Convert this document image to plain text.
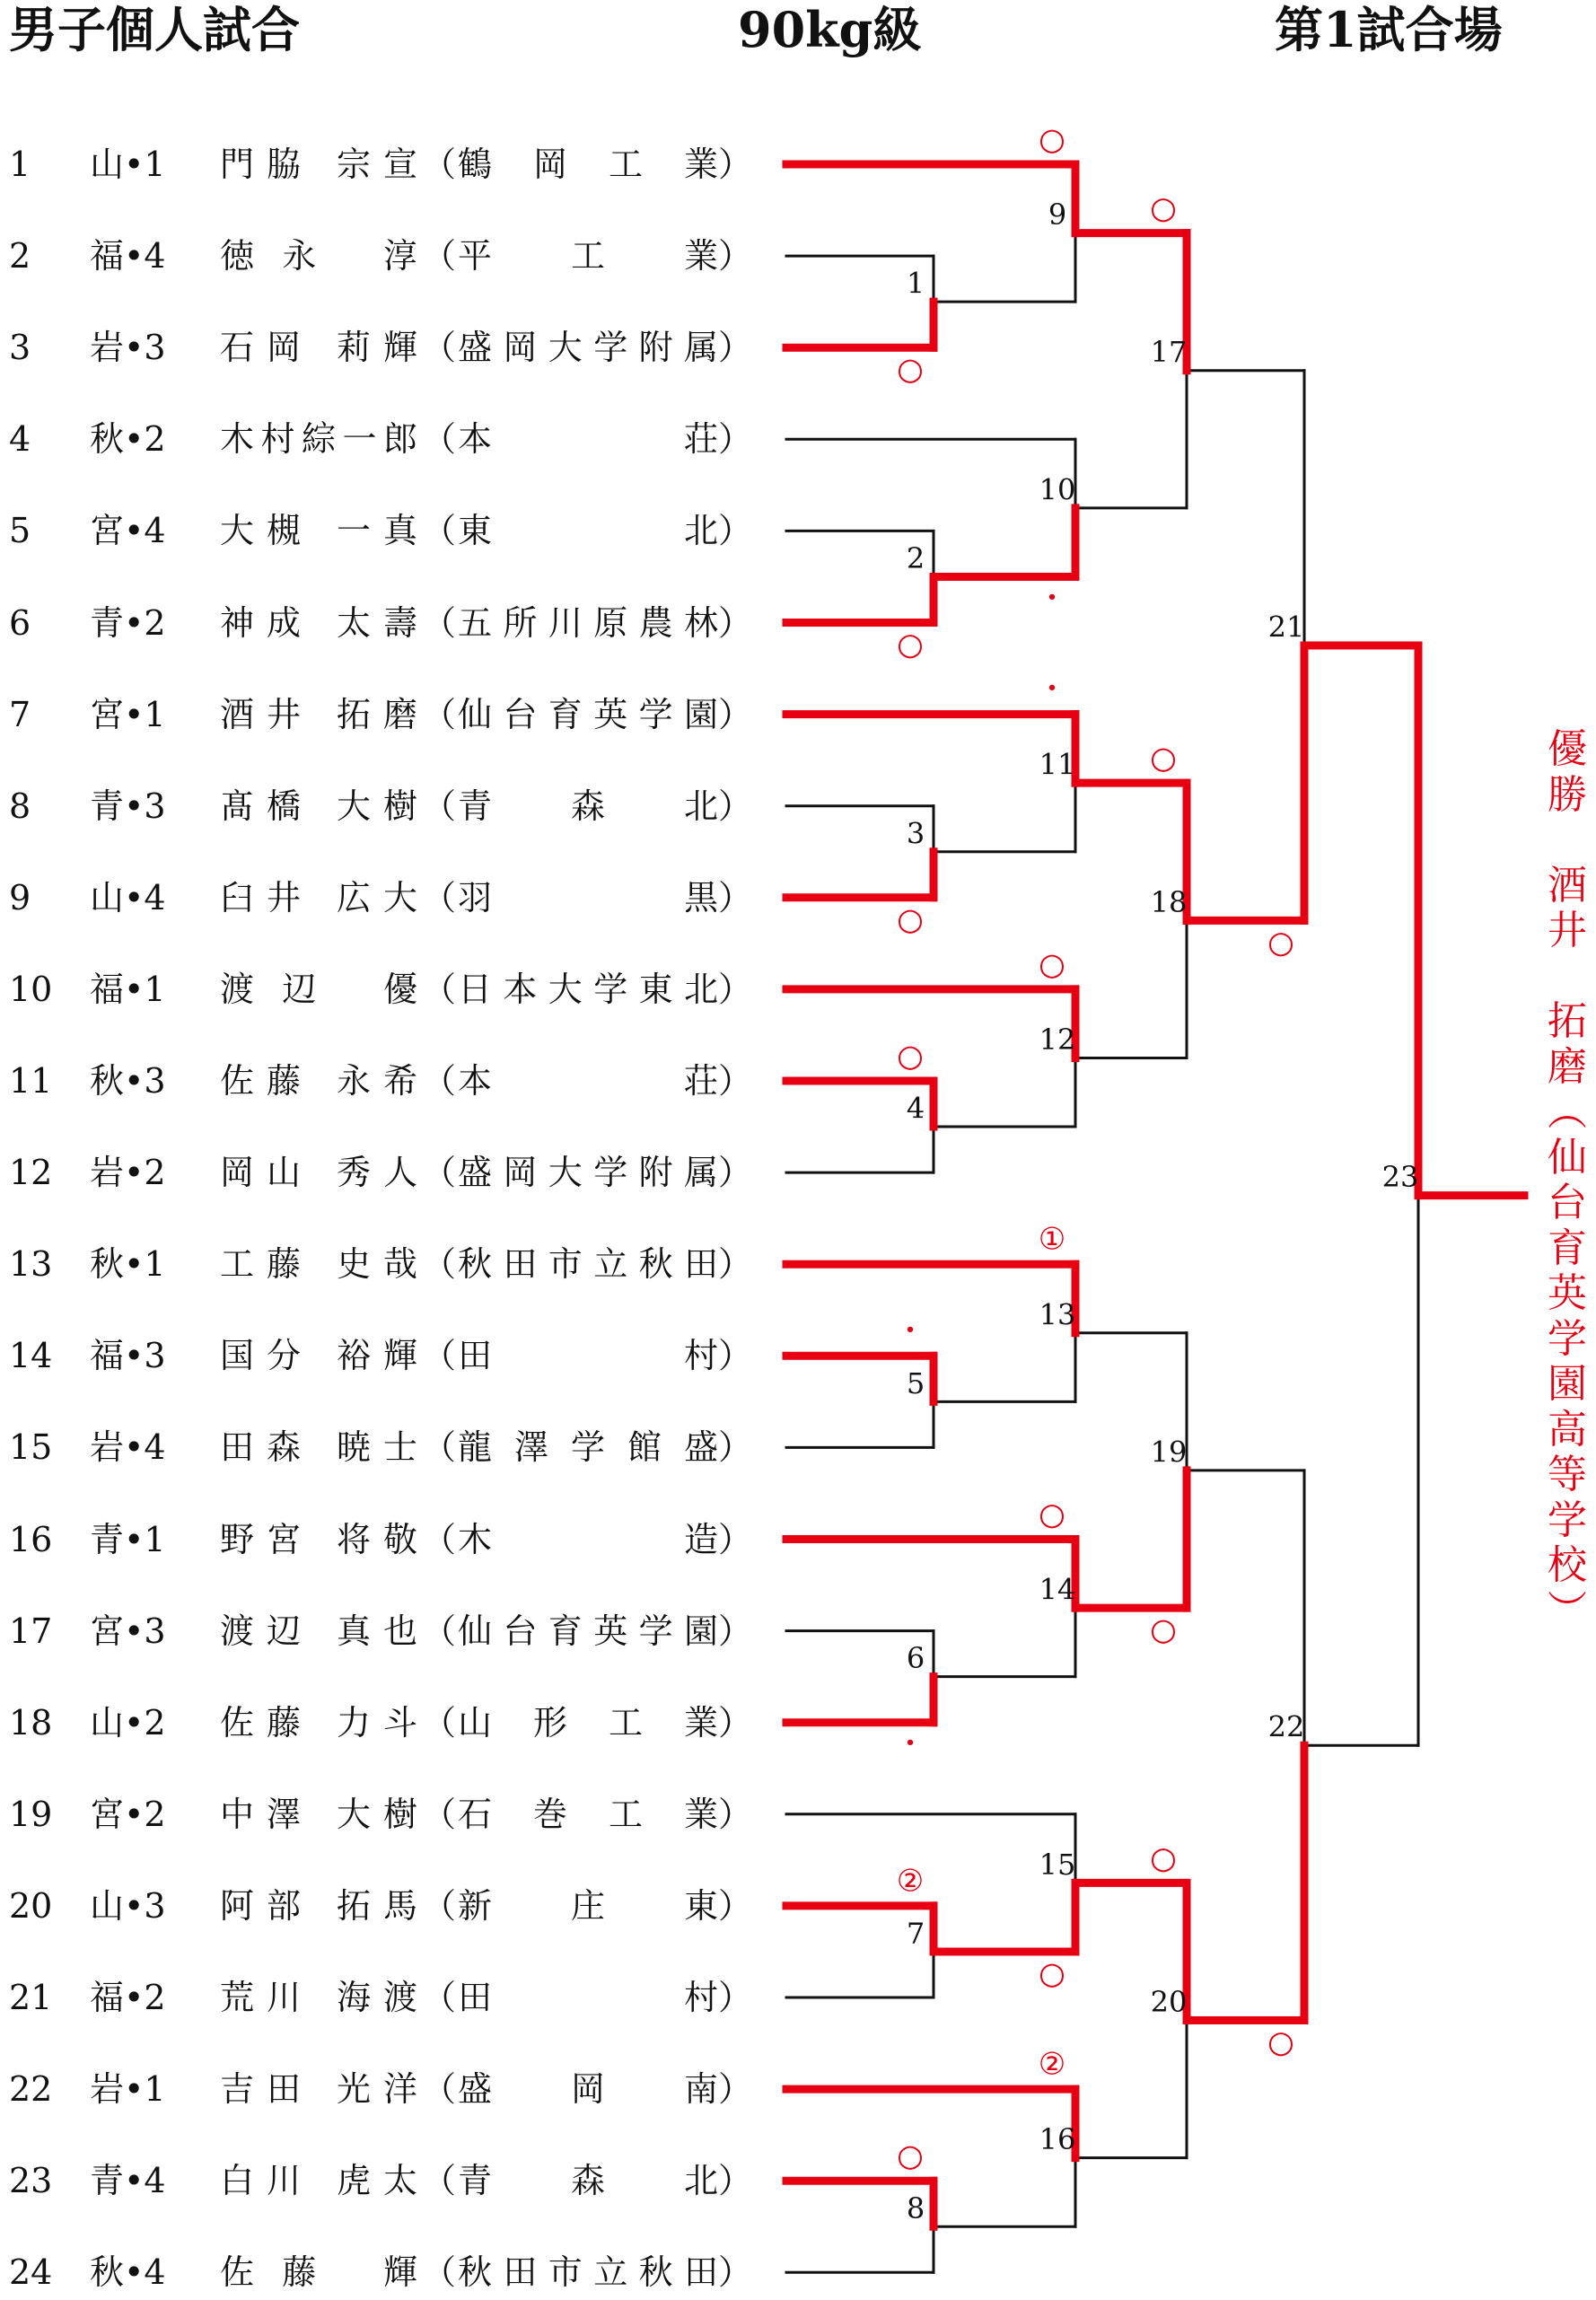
男子個人試合	90kg級	第1試合場
1	山•1 門脇 宗宣 （ 鶴 岡 工 業 ）
2	福•4 徳永 淳 （ 平 工 業 ）
3	岩•3 石岡 莉輝 （ 盛岡大学附属 ）
4	秋•2 木村綜一郎 （ 本 荘 ）
5	宮•4 大槻 一真 （ 東 北 ）
6	青•2 神成 太壽 （ 五所川原農林 ）
7	宮•1 酒井 拓磨 （ 仙台育英学園 ）
8	青•3 髙橋 大樹 （ 青 森 北 ）
9	山•4 臼井 広大 （ 羽 黒 ）
10	福•1 渡辺 優 （ 日本大学東北 ）
11	秋•3 佐藤 永希 （ 本 荘 ）
12	岩•2 岡山 秀人 （ 盛岡大学附属 ）
13	秋•1 工藤 史哉 （ 秋田市立秋田 ）
14	福•3 国分 裕輝 （ 田 村 ）
15	岩•4 田森 暁士 （ 龍 澤 学 館 盛 ）
16	青•1 野宮 将敬 （ 木 造 ）
17	宮•3 渡辺 真也 （ 仙台育英学園 ）
18	山•2 佐藤 力斗 （ 山 形 工 業 ）
19	宮•2 中澤 大樹 （ 石 巻 工 業 ）
20	山•3 阿部 拓馬 （ 新 庄 東 ）
21	福•2 荒川 海渡 （ 田 村 ）
22	岩•1 吉田 光洋 （ 盛 岡 南 ）
23	青•4 白川 虎太 （ 青 森 北 ）
24	秋•4 佐藤 輝 （ 秋田市立秋田 ）
1
2
3
4
5
6
7
8
9
10
11
12
13
14
15
16
17
18
19
20
21
22
23
○
○
○
○
・
・
②
○
○
・
・
○
①
○
○
②
○
○
○
○
○
○
優
勝

酒
井

拓
磨
︵
仙
台
育
英
学
園
高
等
学
校
︶
